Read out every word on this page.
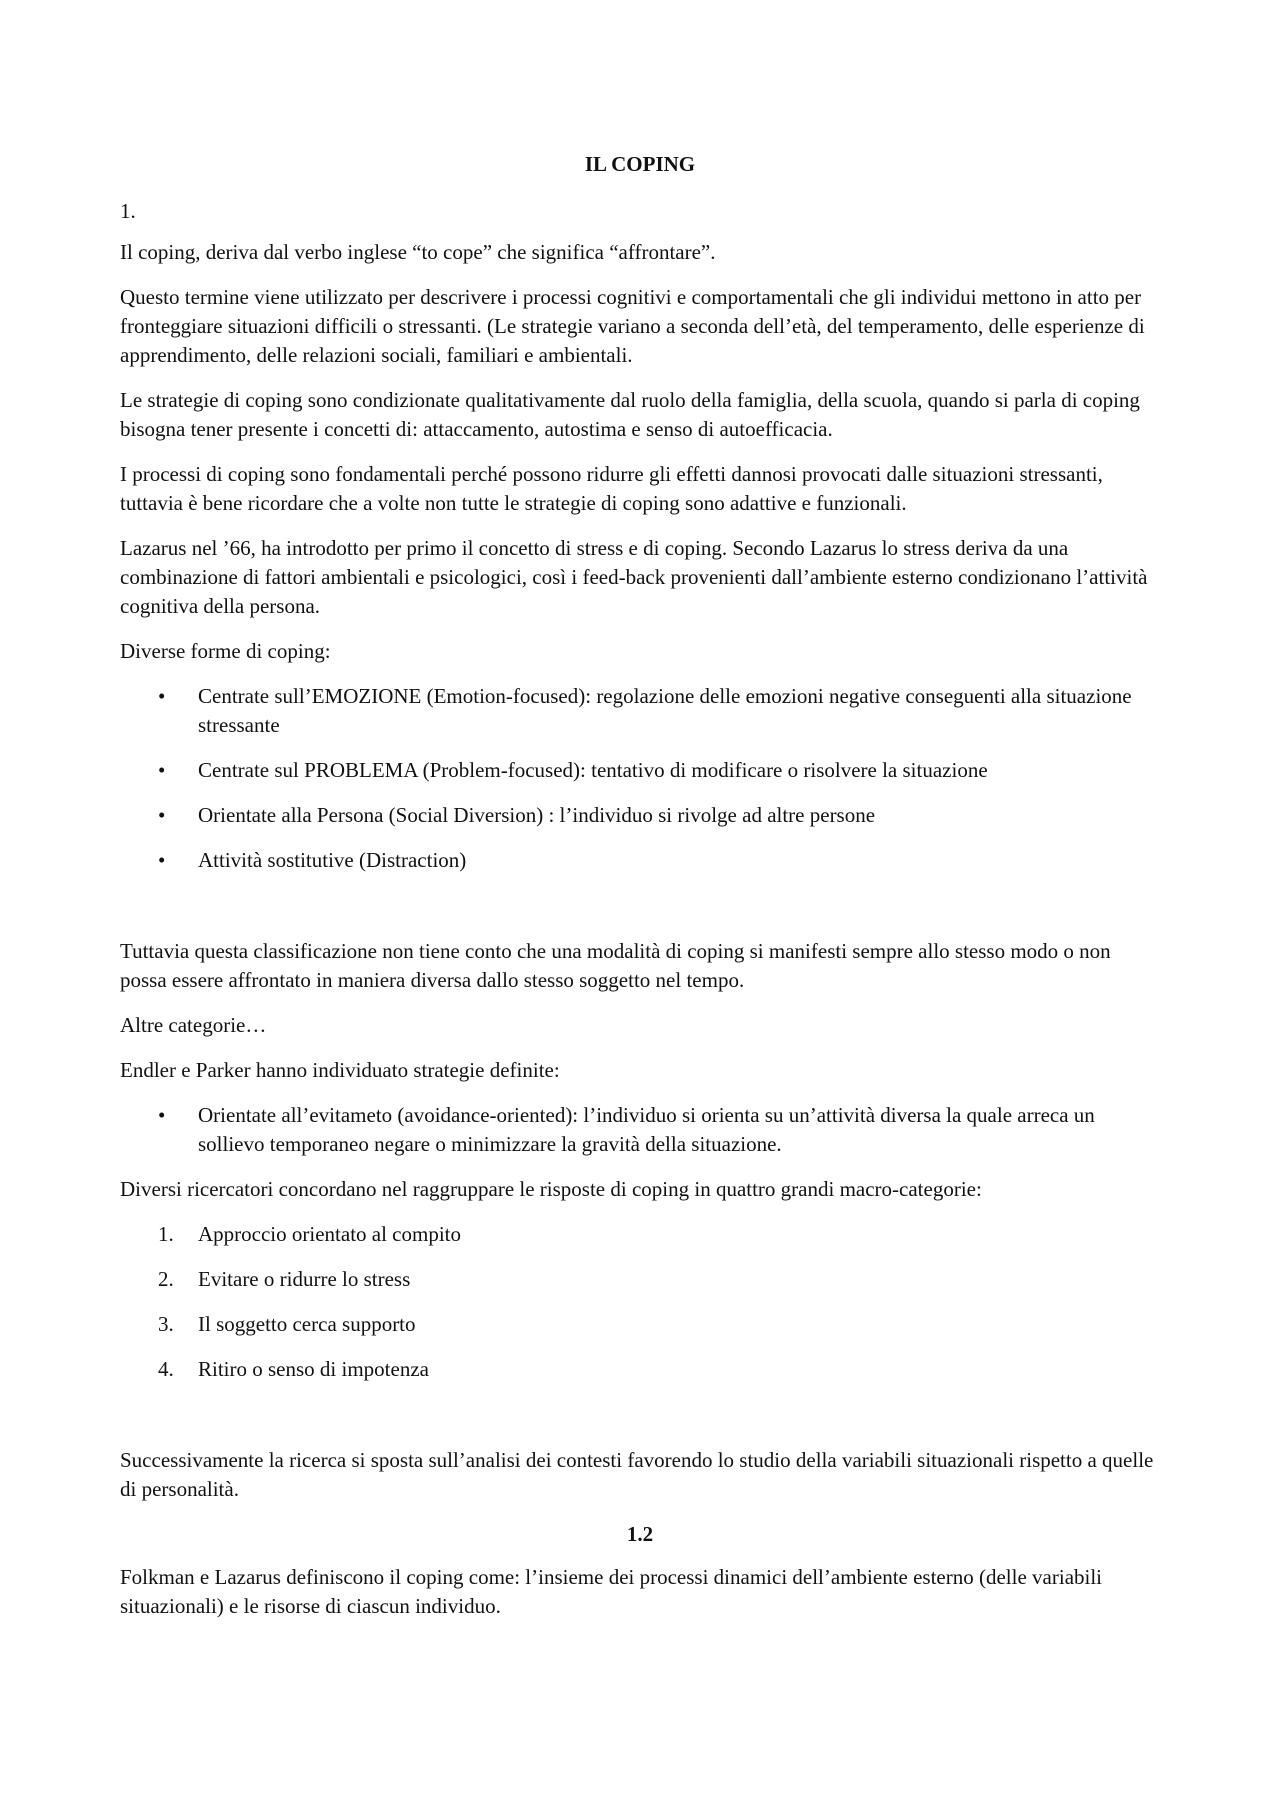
IL COPING

1.

Il coping, deriva dal verbo inglese “to cope” che significa “affrontare”.

Questo termine viene utilizzato per descrivere i processi cognitivi e comportamentali che gli individui mettono in atto per fronteggiare situazioni difficili o stressanti. (Le strategie variano a seconda dell’età, del temperamento, delle esperienze di apprendimento, delle relazioni sociali, familiari e ambientali.

Le strategie di coping sono condizionate qualitativamente dal ruolo della famiglia, della scuola, quando si parla di coping bisogna tener presente i concetti di: attaccamento, autostima e senso di autoefficacia.

I processi di coping sono fondamentali perché possono ridurre gli effetti dannosi provocati dalle situazioni stressanti, tuttavia è bene ricordare che a volte non tutte le strategie di coping sono adattive e funzionali.

Lazarus nel ’66, ha introdotto per primo il concetto di stress e di coping. Secondo Lazarus lo stress deriva da una combinazione di fattori ambientali e psicologici, così i feed-back provenienti dall’ambiente esterno condizionano l’attività cognitiva della persona.

Diverse forme di coping:

•	Centrate sull’EMOZIONE (Emotion-focused): regolazione delle emozioni negative conseguenti alla situazione stressante
•	Centrate sul PROBLEMA (Problem-focused): tentativo di modificare o risolvere la situazione
•	Orientate alla Persona (Social Diversion) : l’individuo si rivolge ad altre persone
•	Attività sostitutive (Distraction)

Tuttavia questa classificazione non tiene conto che una modalità di coping si manifesti sempre allo stesso modo o non possa essere affrontato in maniera diversa dallo stesso soggetto nel tempo.

Altre categorie…

Endler e Parker hanno individuato strategie definite:

•	Orientate all’evitameto (avoidance-oriented): l’individuo si orienta su un’attività diversa la quale arreca un sollievo temporaneo negare o minimizzare la gravità della situazione.

Diversi ricercatori concordano nel raggruppare le risposte di coping in quattro grandi macro-categorie:

1.	Approccio orientato al compito
2.	Evitare o ridurre lo stress
3.	Il soggetto cerca supporto
4.	Ritiro o senso di impotenza

Successivamente la ricerca si sposta sull’analisi dei contesti favorendo lo studio della variabili situazionali rispetto a quelle di personalità.

1.2

Folkman e Lazarus definiscono il coping come: l’insieme dei processi dinamici dell’ambiente esterno (delle variabili situazionali) e le risorse di ciascun individuo.
